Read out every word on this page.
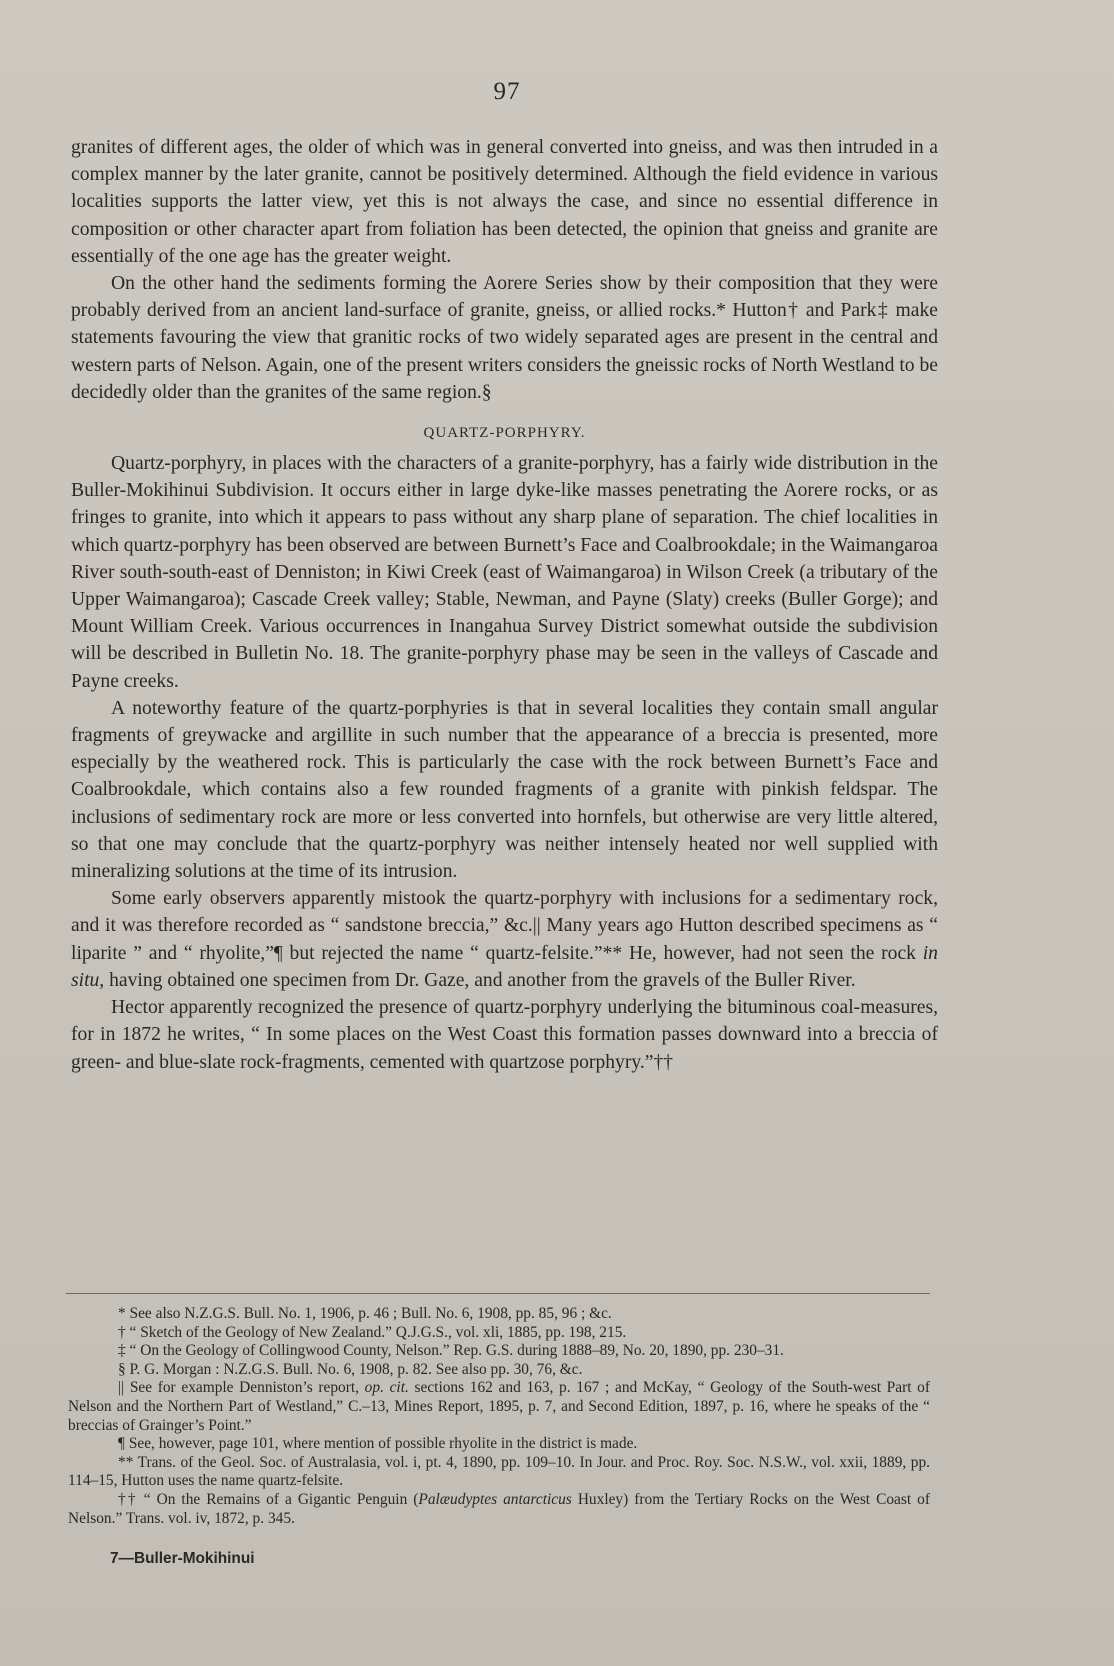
97

granites of different ages, the older of which was in general converted into gneiss, and was then intruded in a complex manner by the later granite, cannot be positively determined. Although the field evidence in various localities supports the latter view, yet this is not always the case, and since no essential difference in composition or other character apart from foliation has been detected, the opinion that gneiss and granite are essentially of the one age has the greater weight.

On the other hand the sediments forming the Aorere Series show by their composition that they were probably derived from an ancient land-surface of granite, gneiss, or allied rocks.* Hutton† and Park‡ make statements favouring the view that granitic rocks of two widely separated ages are present in the central and western parts of Nelson. Again, one of the present writers considers the gneissic rocks of North Westland to be decidedly older than the granites of the same region.§

QUARTZ-PORPHYRY.

Quartz-porphyry, in places with the characters of a granite-porphyry, has a fairly wide distribution in the Buller-Mokihinui Subdivision. It occurs either in large dyke-like masses penetrating the Aorere rocks, or as fringes to granite, into which it appears to pass without any sharp plane of separation. The chief localities in which quartz-porphyry has been observed are between Burnett’s Face and Coalbrookdale; in the Waimangaroa River south-south-east of Denniston; in Kiwi Creek (east of Waimangaroa) in Wilson Creek (a tributary of the Upper Waimangaroa); Cascade Creek valley; Stable, Newman, and Payne (Slaty) creeks (Buller Gorge); and Mount William Creek. Various occurrences in Inangahua Survey District somewhat outside the subdivision will be described in Bulletin No. 18. The granite-porphyry phase may be seen in the valleys of Cascade and Payne creeks.

A noteworthy feature of the quartz-porphyries is that in several localities they contain small angular fragments of greywacke and argillite in such number that the appearance of a breccia is presented, more especially by the weathered rock. This is particularly the case with the rock between Burnett’s Face and Coalbrookdale, which contains also a few rounded fragments of a granite with pinkish feldspar. The inclusions of sedimentary rock are more or less converted into hornfels, but otherwise are very little altered, so that one may conclude that the quartz-porphyry was neither intensely heated nor well supplied with mineralizing solutions at the time of its intrusion.

Some early observers apparently mistook the quartz-porphyry with inclusions for a sedimentary rock, and it was therefore recorded as “ sandstone breccia,” &c.|| Many years ago Hutton described specimens as “ liparite ” and “ rhyolite,”¶ but rejected the name “ quartz-felsite.”** He, however, had not seen the rock in situ, having obtained one specimen from Dr. Gaze, and another from the gravels of the Buller River.

Hector apparently recognized the presence of quartz-porphyry underlying the bituminous coal-measures, for in 1872 he writes, “ In some places on the West Coast this formation passes downward into a breccia of green- and blue-slate rock-fragments, cemented with quartzose porphyry.”††

* See also N.Z.G.S. Bull. No. 1, 1906, p. 46 ; Bull. No. 6, 1908, pp. 85, 96 ; &c.

† “ Sketch of the Geology of New Zealand.” Q.J.G.S., vol. xli, 1885, pp. 198, 215.

‡ “ On the Geology of Collingwood County, Nelson.” Rep. G.S. during 1888–89, No. 20, 1890, pp. 230–31.

§ P. G. Morgan : N.Z.G.S. Bull. No. 6, 1908, p. 82. See also pp. 30, 76, &c.

|| See for example Denniston’s report, op. cit. sections 162 and 163, p. 167 ; and McKay, “ Geology of the South-west Part of Nelson and the Northern Part of Westland,” C.–13, Mines Report, 1895, p. 7, and Second Edition, 1897, p. 16, where he speaks of the “ breccias of Grainger’s Point.”

¶ See, however, page 101, where mention of possible rhyolite in the district is made.

** Trans. of the Geol. Soc. of Australasia, vol. i, pt. 4, 1890, pp. 109–10. In Jour. and Proc. Roy. Soc. N.S.W., vol. xxii, 1889, pp. 114–15, Hutton uses the name quartz-felsite.

†† “ On the Remains of a Gigantic Penguin (Palæudyptes antarcticus Huxley) from the Tertiary Rocks on the West Coast of Nelson.” Trans. vol. iv, 1872, p. 345.

7—Buller-Mokihinui
